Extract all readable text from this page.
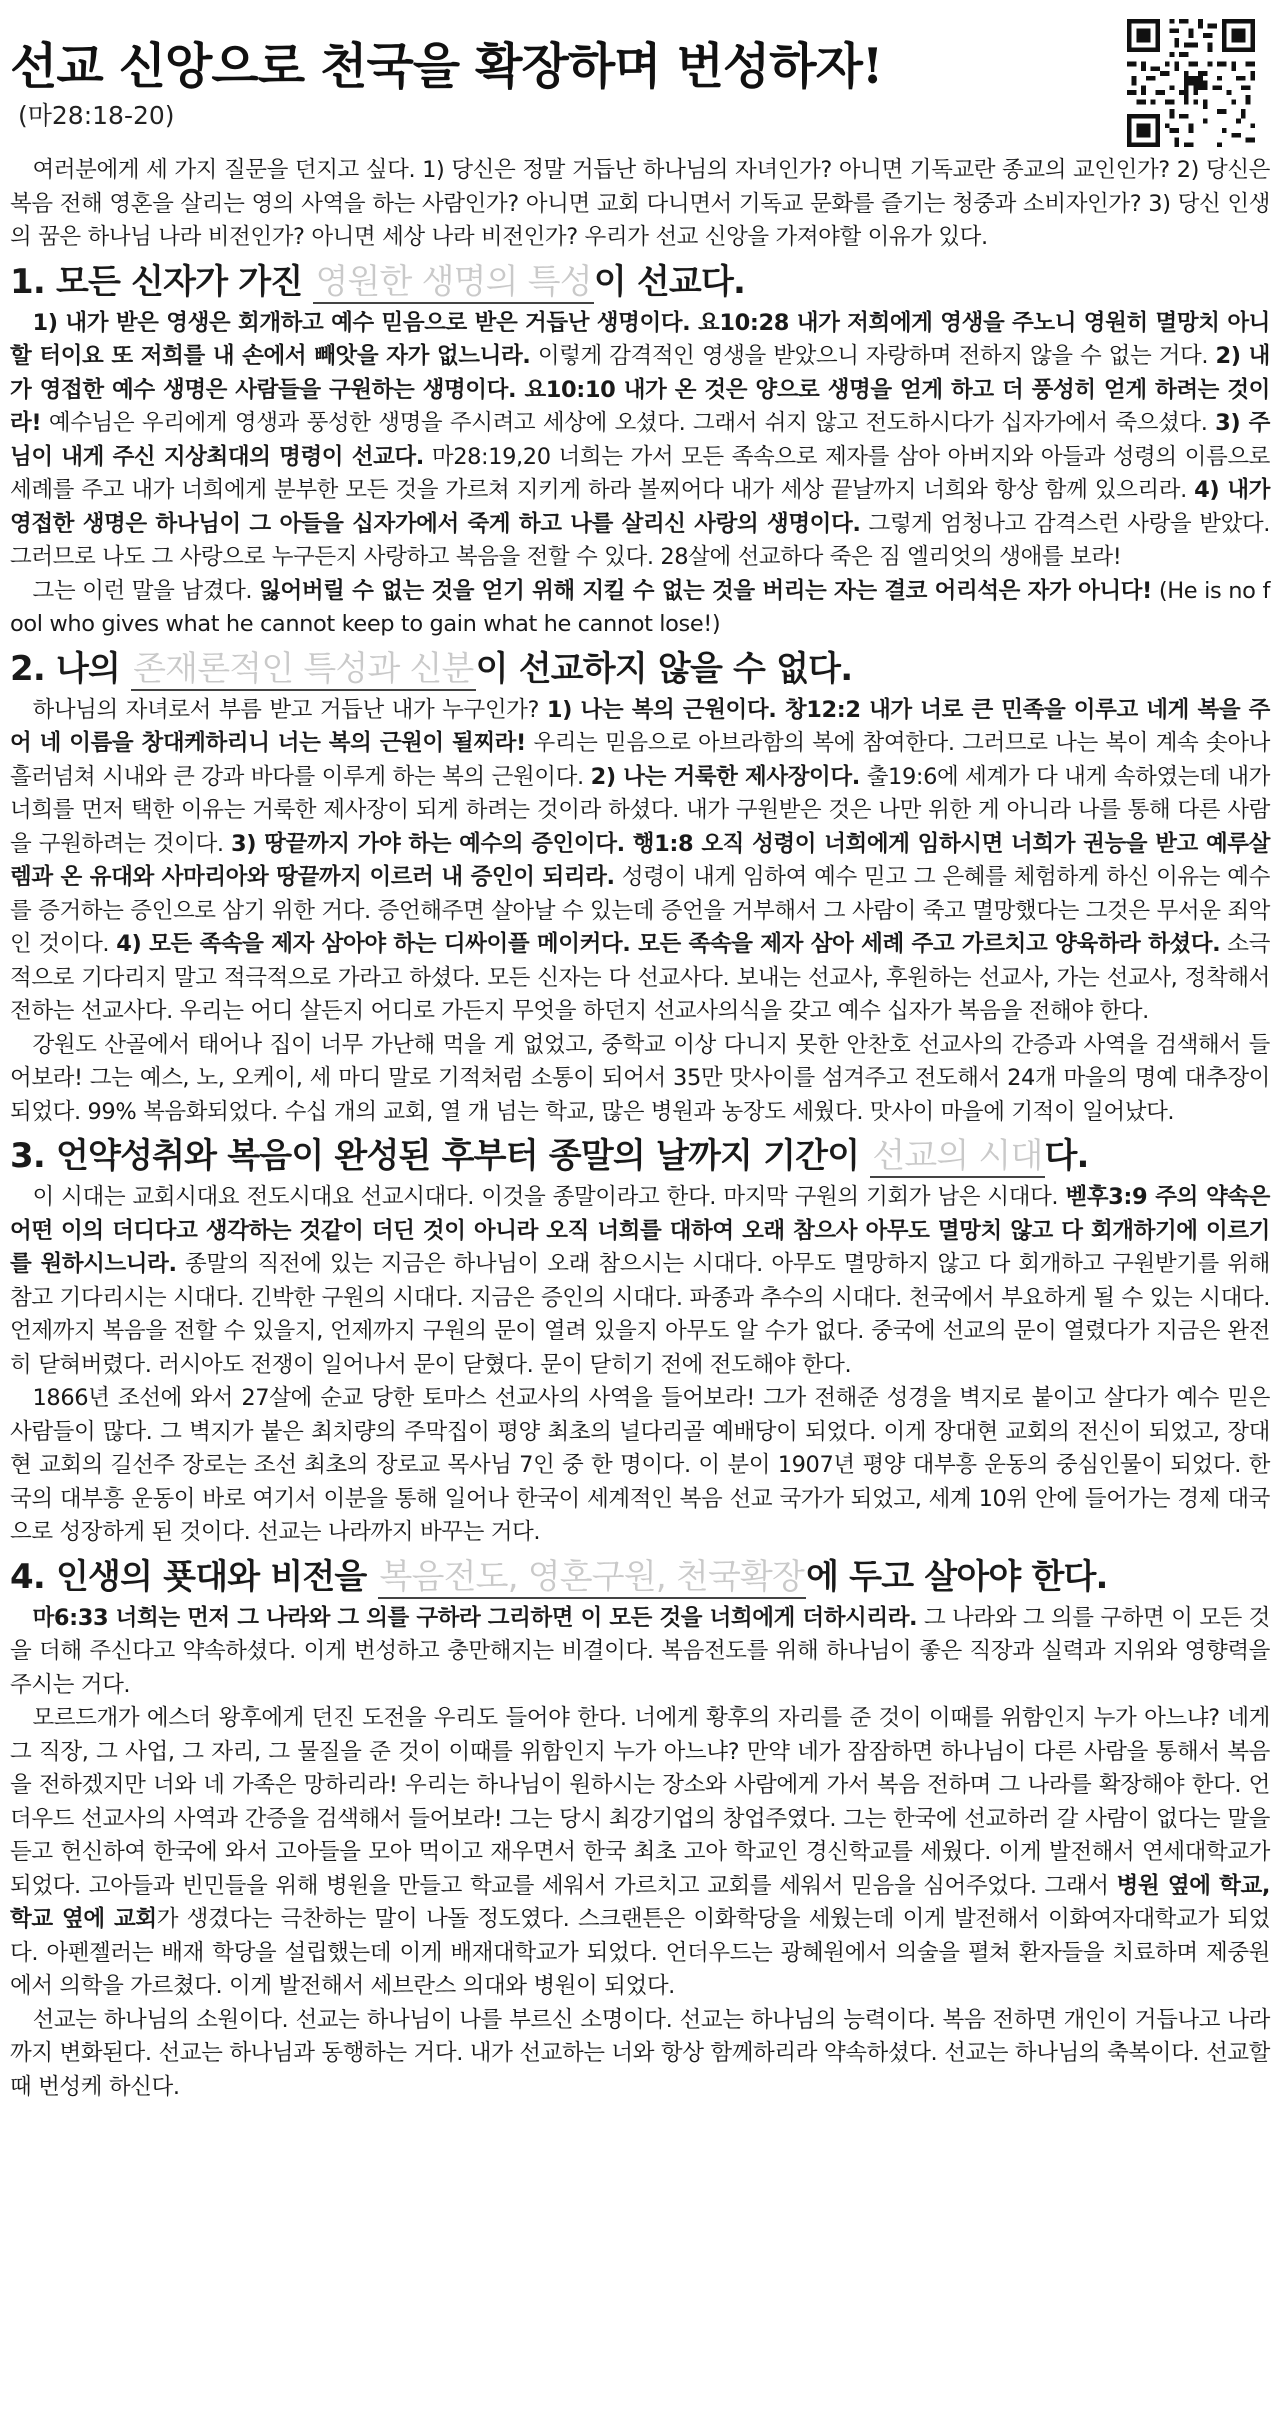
선교 신앙으로 천국을 확장하며 번성하자!
(마28:18-20)

여러분에게 세 가지 질문을 던지고 싶다. 1) 당신은 정말 거듭난 하나님의 자녀인가? 아니면 기독교란 종교의 교인인가? 2) 당신은 복음 전해 영혼을 살리는 영의 사역을 하는 사람인가? 아니면 교회 다니면서 기독교 문화를 즐기는 청중과 소비자인가? 3) 당신 인생의 꿈은 하나님 나라 비전인가? 아니면 세상 나라 비전인가? 우리가 선교 신앙을 가져야할 이유가 있다.

1. 모든 신자가 가진 영원한 생명의 특성이 선교다.

1) 내가 받은 영생은 회개하고 예수 믿음으로 받은 거듭난 생명이다. 요10:28 내가 저희에게 영생을 주노니 영원히 멸망치 아니할 터이요 또 저희를 내 손에서 빼앗을 자가 없느니라. 이렇게 감격적인 영생을 받았으니 자랑하며 전하지 않을 수 없는 거다. 2) 내가 영접한 예수 생명은 사람들을 구원하는 생명이다. 요10:10 내가 온 것은 양으로 생명을 얻게 하고 더 풍성히 얻게 하려는 것이라! 예수님은 우리에게 영생과 풍성한 생명을 주시려고 세상에 오셨다. 그래서 쉬지 않고 전도하시다가 십자가에서 죽으셨다. 3) 주님이 내게 주신 지상최대의 명령이 선교다. 마28:19,20 너희는 가서 모든 족속으로 제자를 삼아 아버지와 아들과 성령의 이름으로 세례를 주고 내가 너희에게 분부한 모든 것을 가르쳐 지키게 하라 볼찌어다 내가 세상 끝날까지 너희와 항상 함께 있으리라. 4) 내가 영접한 생명은 하나님이 그 아들을 십자가에서 죽게 하고 나를 살리신 사랑의 생명이다. 그렇게 엄청나고 감격스런 사랑을 받았다. 그러므로 나도 그 사랑으로 누구든지 사랑하고 복음을 전할 수 있다. 28살에 선교하다 죽은 짐 엘리엇의 생애를 보라!

그는 이런 말을 남겼다. 잃어버릴 수 없는 것을 얻기 위해 지킬 수 없는 것을 버리는 자는 결코 어리석은 자가 아니다! (He is no fool who gives what he cannot keep to gain what he cannot lose!)

2. 나의 존재론적인 특성과 신분이 선교하지 않을 수 없다.

하나님의 자녀로서 부름 받고 거듭난 내가 누구인가? 1) 나는 복의 근원이다. 창12:2 내가 너로 큰 민족을 이루고 네게 복을 주어 네 이름을 창대케하리니 너는 복의 근원이 될찌라! 우리는 믿음으로 아브라함의 복에 참여한다. 그러므로 나는 복이 계속 솟아나 흘러넘쳐 시내와 큰 강과 바다를 이루게 하는 복의 근원이다. 2) 나는 거룩한 제사장이다. 출19:6에 세계가 다 내게 속하였는데 내가 너희를 먼저 택한 이유는 거룩한 제사장이 되게 하려는 것이라 하셨다. 내가 구원받은 것은 나만 위한 게 아니라 나를 통해 다른 사람을 구원하려는 것이다. 3) 땅끝까지 가야 하는 예수의 증인이다. 행1:8 오직 성령이 너희에게 임하시면 너희가 권능을 받고 예루살렘과 온 유대와 사마리아와 땅끝까지 이르러 내 증인이 되리라. 성령이 내게 임하여 예수 믿고 그 은혜를 체험하게 하신 이유는 예수를 증거하는 증인으로 삼기 위한 거다. 증언해주면 살아날 수 있는데 증언을 거부해서 그 사람이 죽고 멸망했다는 그것은 무서운 죄악인 것이다. 4) 모든 족속을 제자 삼아야 하는 디싸이플 메이커다. 모든 족속을 제자 삼아 세례 주고 가르치고 양육하라 하셨다. 소극적으로 기다리지 말고 적극적으로 가라고 하셨다. 모든 신자는 다 선교사다. 보내는 선교사, 후원하는 선교사, 가는 선교사, 정착해서 전하는 선교사다. 우리는 어디 살든지 어디로 가든지 무엇을 하던지 선교사의식을 갖고 예수 십자가 복음을 전해야 한다.

강원도 산골에서 태어나 집이 너무 가난해 먹을 게 없었고, 중학교 이상 다니지 못한 안찬호 선교사의 간증과 사역을 검색해서 들어보라! 그는 예스, 노, 오케이, 세 마디 말로 기적처럼 소통이 되어서 35만 맛사이를 섬겨주고 전도해서 24개 마을의 명예 대추장이 되었다. 99% 복음화되었다. 수십 개의 교회, 열 개 넘는 학교, 많은 병원과 농장도 세웠다. 맛사이 마을에 기적이 일어났다.

3. 언약성취와 복음이 완성된 후부터 종말의 날까지 기간이 선교의 시대다.

이 시대는 교회시대요 전도시대요 선교시대다. 이것을 종말이라고 한다. 마지막 구원의 기회가 남은 시대다. 벧후3:9 주의 약속은 어떤 이의 더디다고 생각하는 것같이 더딘 것이 아니라 오직 너희를 대하여 오래 참으사 아무도 멸망치 않고 다 회개하기에 이르기를 원하시느니라. 종말의 직전에 있는 지금은 하나님이 오래 참으시는 시대다. 아무도 멸망하지 않고 다 회개하고 구원받기를 위해 참고 기다리시는 시대다. 긴박한 구원의 시대다. 지금은 증인의 시대다. 파종과 추수의 시대다. 천국에서 부요하게 될 수 있는 시대다. 언제까지 복음을 전할 수 있을지, 언제까지 구원의 문이 열려 있을지 아무도 알 수가 없다. 중국에 선교의 문이 열렸다가 지금은 완전히 닫혀버렸다. 러시아도 전쟁이 일어나서 문이 닫혔다. 문이 닫히기 전에 전도해야 한다.

1866년 조선에 와서 27살에 순교 당한 토마스 선교사의 사역을 들어보라! 그가 전해준 성경을 벽지로 붙이고 살다가 예수 믿은 사람들이 많다. 그 벽지가 붙은 최치량의 주막집이 평양 최초의 널다리골 예배당이 되었다. 이게 장대현 교회의 전신이 되었고, 장대현 교회의 길선주 장로는 조선 최초의 장로교 목사님 7인 중 한 명이다. 이 분이 1907년 평양 대부흥 운동의 중심인물이 되었다. 한국의 대부흥 운동이 바로 여기서 이분을 통해 일어나 한국이 세계적인 복음 선교 국가가 되었고, 세계 10위 안에 들어가는 경제 대국으로 성장하게 된 것이다. 선교는 나라까지 바꾸는 거다.

4. 인생의 푯대와 비전을 복음전도, 영혼구원, 천국확장에 두고 살아야 한다.

마6:33 너희는 먼저 그 나라와 그 의를 구하라 그리하면 이 모든 것을 너희에게 더하시리라. 그 나라와 그 의를 구하면 이 모든 것을 더해 주신다고 약속하셨다. 이게 번성하고 충만해지는 비결이다. 복음전도를 위해 하나님이 좋은 직장과 실력과 지위와 영향력을 주시는 거다.

모르드개가 에스더 왕후에게 던진 도전을 우리도 들어야 한다. 너에게 황후의 자리를 준 것이 이때를 위함인지 누가 아느냐? 네게 그 직장, 그 사업, 그 자리, 그 물질을 준 것이 이때를 위함인지 누가 아느냐? 만약 네가 잠잠하면 하나님이 다른 사람을 통해서 복음을 전하겠지만 너와 네 가족은 망하리라! 우리는 하나님이 원하시는 장소와 사람에게 가서 복음 전하며 그 나라를 확장해야 한다. 언더우드 선교사의 사역과 간증을 검색해서 들어보라! 그는 당시 최강기업의 창업주였다. 그는 한국에 선교하러 갈 사람이 없다는 말을 듣고 헌신하여 한국에 와서 고아들을 모아 먹이고 재우면서 한국 최초 고아 학교인 경신학교를 세웠다. 이게 발전해서 연세대학교가 되었다. 고아들과 빈민들을 위해 병원을 만들고 학교를 세워서 가르치고 교회를 세워서 믿음을 심어주었다. 그래서 병원 옆에 학교, 학교 옆에 교회가 생겼다는 극찬하는 말이 나돌 정도였다. 스크랜튼은 이화학당을 세웠는데 이게 발전해서 이화여자대학교가 되었다. 아펜젤러는 배재 학당을 설립했는데 이게 배재대학교가 되었다. 언더우드는 광혜원에서 의술을 펼쳐 환자들을 치료하며 제중원에서 의학을 가르쳤다. 이게 발전해서 세브란스 의대와 병원이 되었다.

선교는 하나님의 소원이다. 선교는 하나님이 나를 부르신 소명이다. 선교는 하나님의 능력이다. 복음 전하면 개인이 거듭나고 나라까지 변화된다. 선교는 하나님과 동행하는 거다. 내가 선교하는 너와 항상 함께하리라 약속하셨다. 선교는 하나님의 축복이다. 선교할 때 번성케 하신다.
